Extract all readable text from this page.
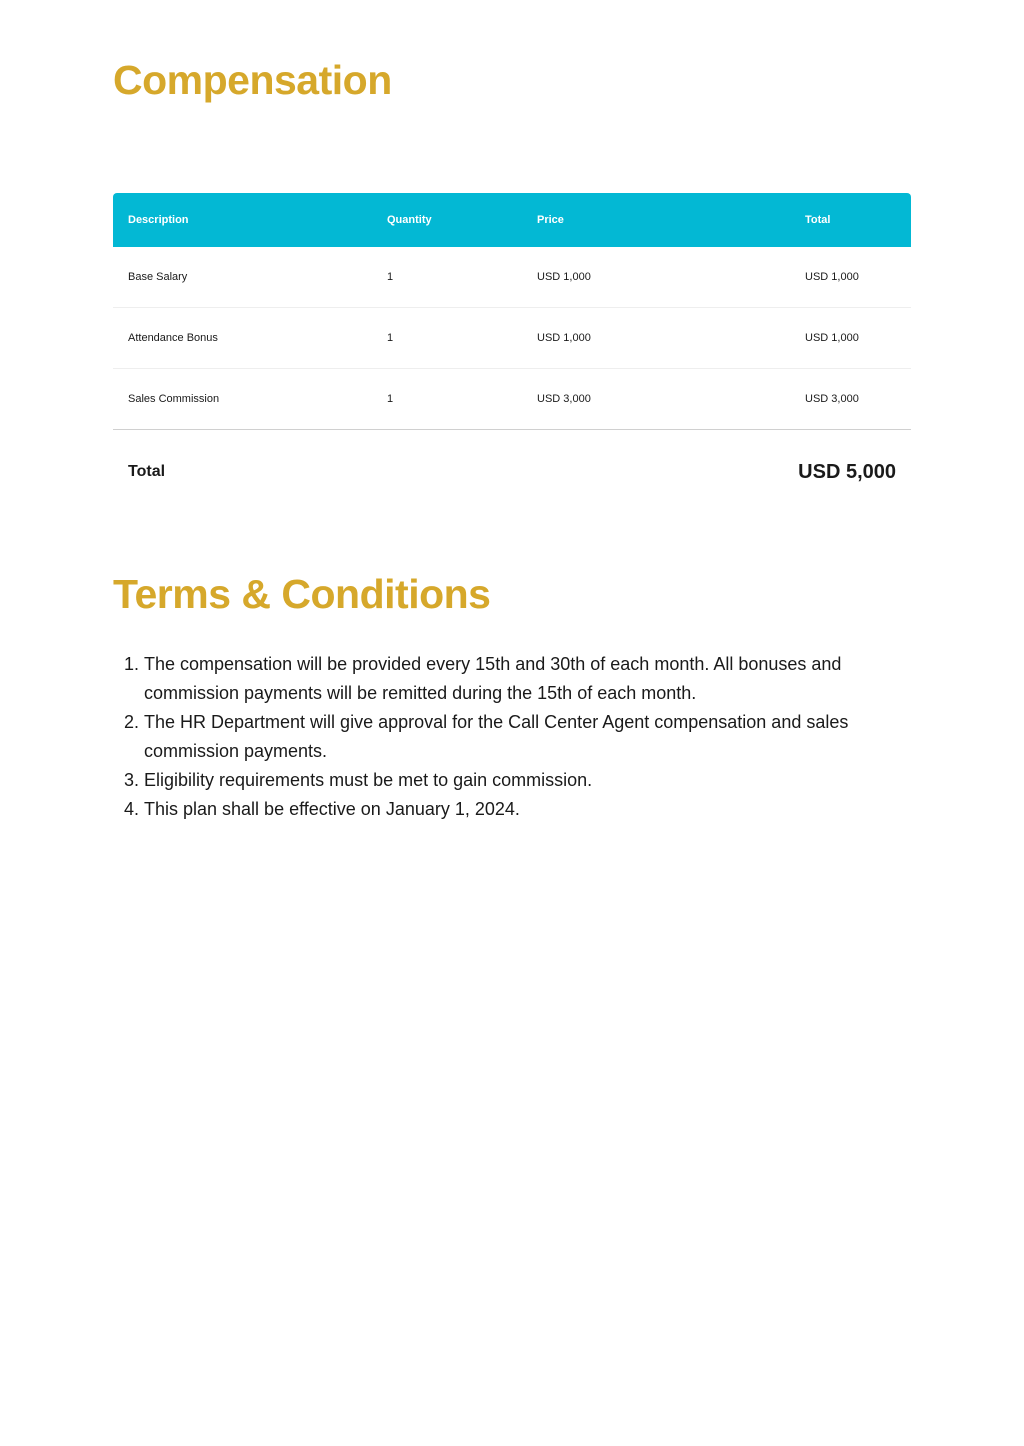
Compensation
Description	Quantity	Price	Total
Base Salary	1	USD 1,000	USD 1,000
Attendance Bonus	1	USD 1,000	USD 1,000
Sales Commission	1	USD 3,000	USD 3,000
Total	USD 5,000
Terms & Conditions
1. The compensation will be provided every 15th and 30th of each month. All bonuses and commission payments will be remitted during the 15th of each month.
2. The HR Department will give approval for the Call Center Agent compensation and sales commission payments.
3. Eligibility requirements must be met to gain commission.
4. This plan shall be effective on January 1, 2024.
